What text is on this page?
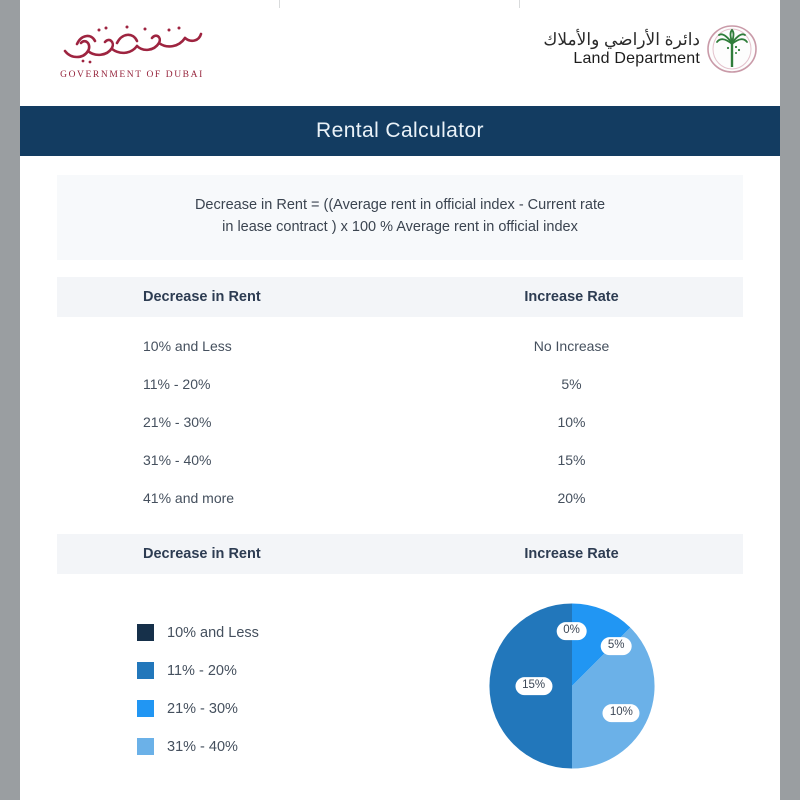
GOVERNMENT OF DUBAI
دائرة الأراضي والأملاك
Land Department
Rental Calculator
Decrease in Rent = ((Average rent in official index - Current rate
in lease contract ) x 100 % Average rent in official index
Decrease in Rent	Increase Rate
10% and Less	No Increase
11% - 20%	5%
21% - 30%	10%
31% - 40%	15%
41% and more	20%
Decrease in Rent	Increase Rate
10% and Less
11% - 20%
21% - 30%
31% - 40%
0%
5%
10%
15%
